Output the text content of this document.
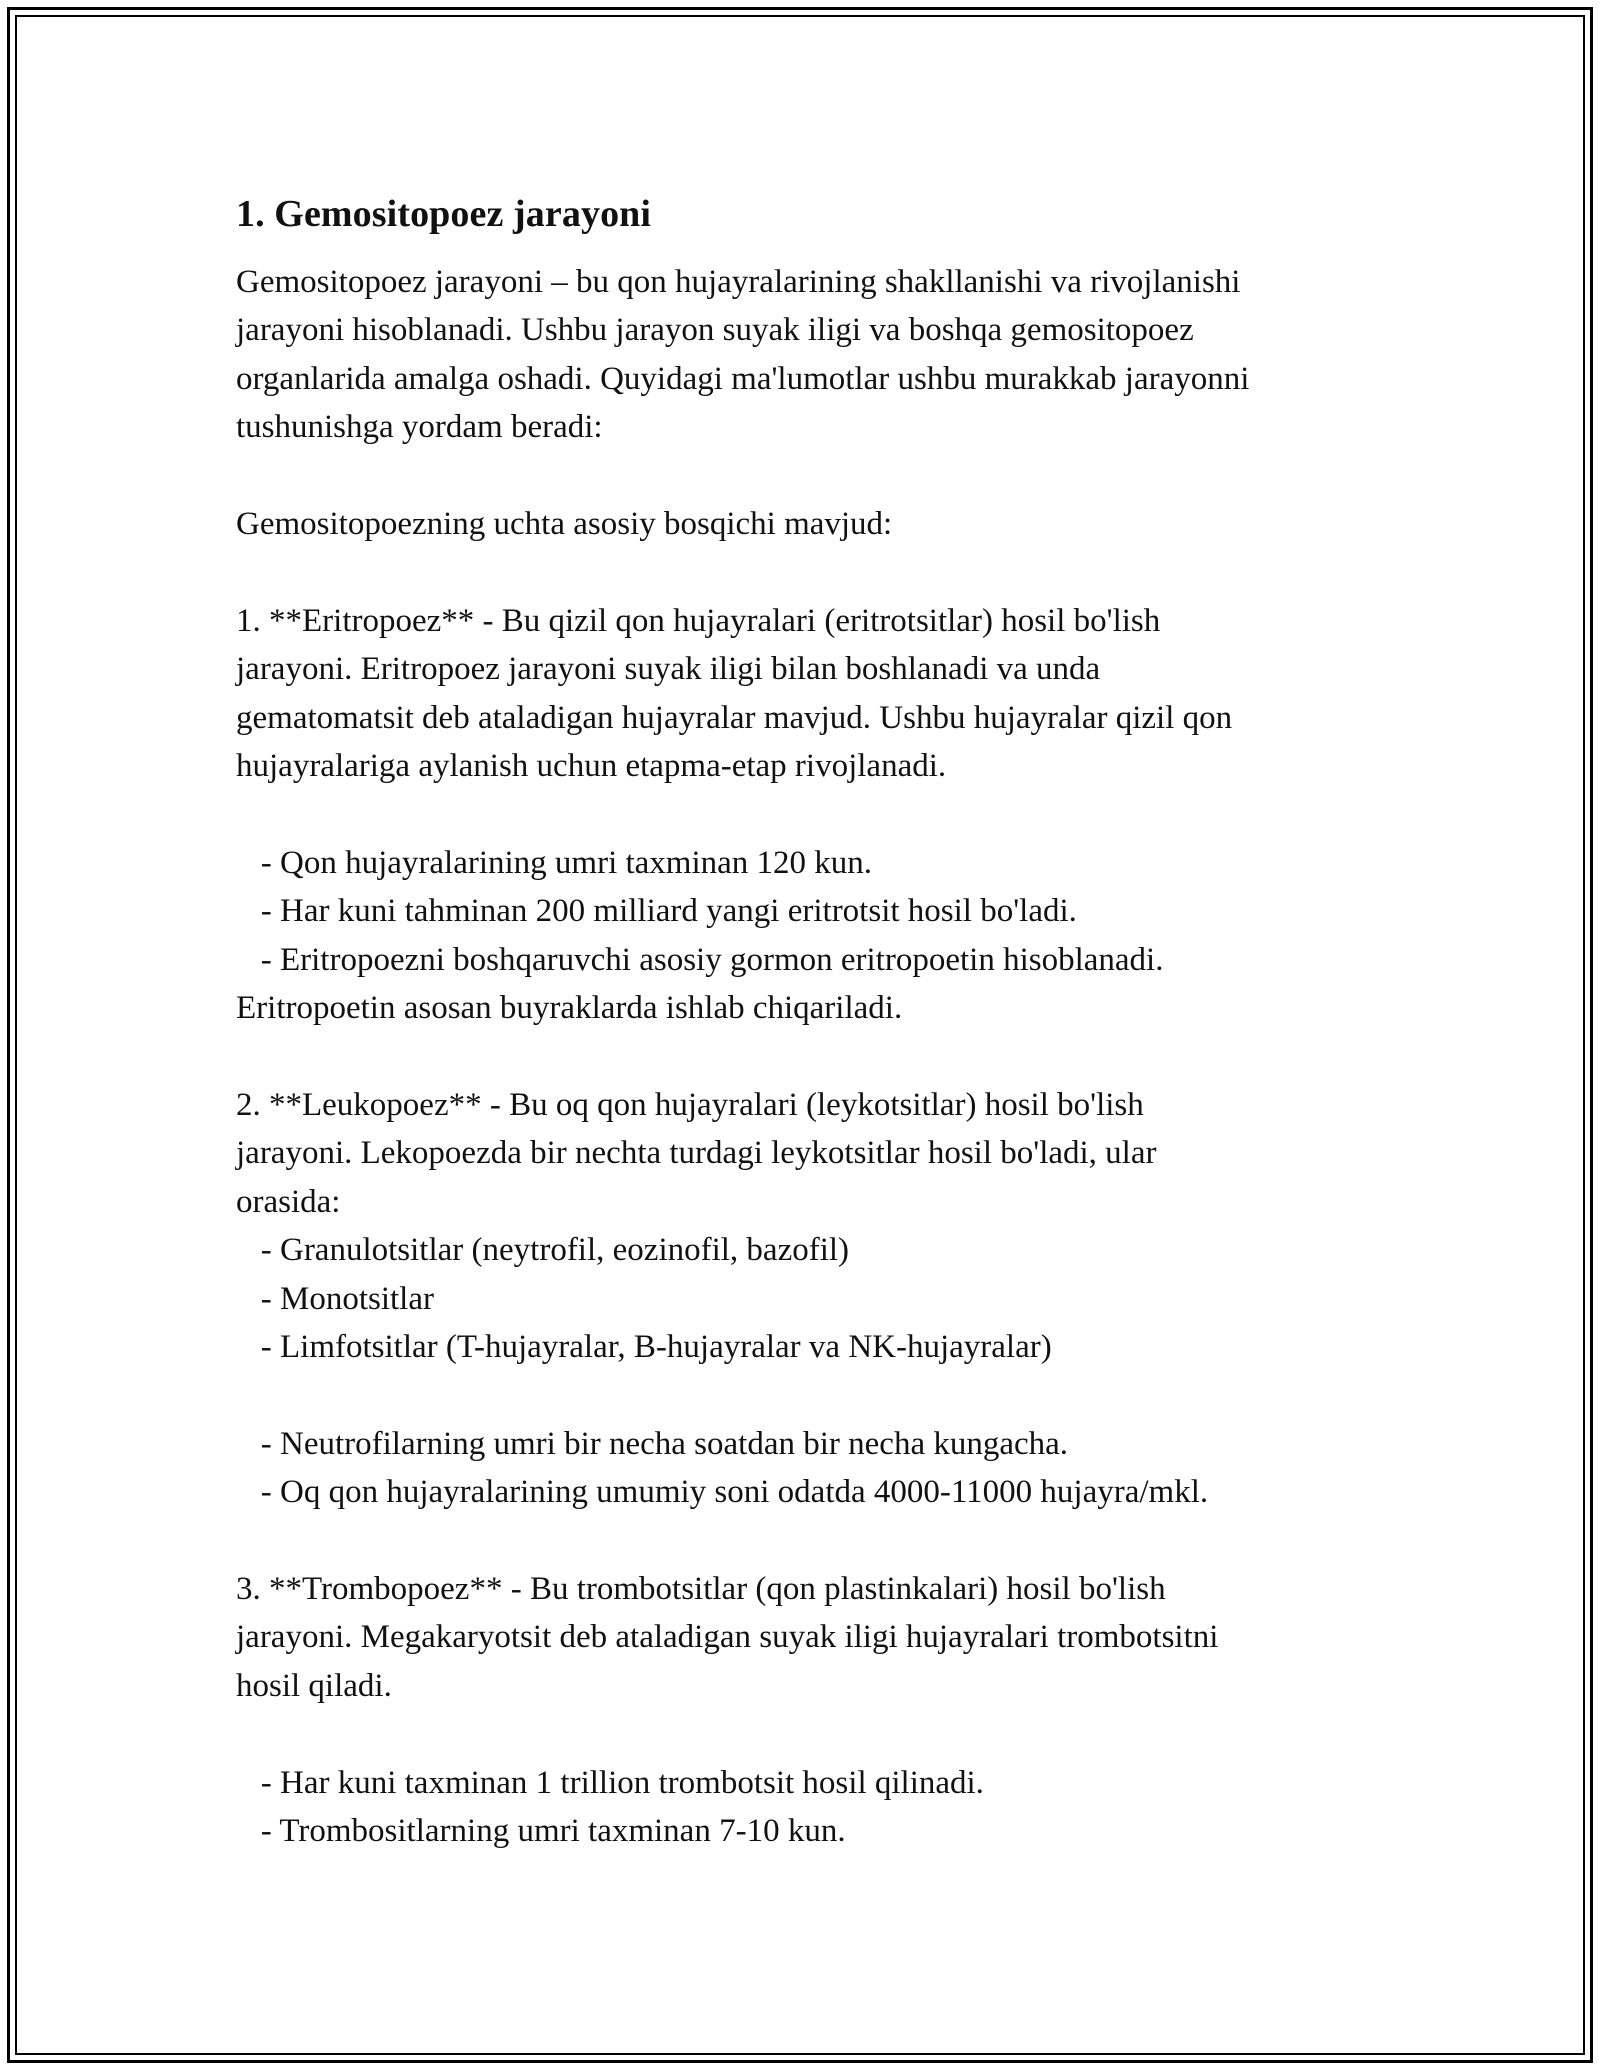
1. Gemositopoez jarayoni
Gemositopoez jarayoni – bu qon hujayralarining shakllanishi va rivojlanishi
jarayoni hisoblanadi. Ushbu jarayon suyak iligi va boshqa gemositopoez
organlarida amalga oshadi. Quyidagi ma'lumotlar ushbu murakkab jarayonni
tushunishga yordam beradi:

Gemositopoezning uchta asosiy bosqichi mavjud:

1. **Eritropoez** - Bu qizil qon hujayralari (eritrotsitlar) hosil bo'lish
jarayoni. Eritropoez jarayoni suyak iligi bilan boshlanadi va unda
gematomatsit deb ataladigan hujayralar mavjud. Ushbu hujayralar qizil qon
hujayralariga aylanish uchun etapma-etap rivojlanadi.

- Qon hujayralarining umri taxminan 120 kun.
- Har kuni tahminan 200 milliard yangi eritrotsit hosil bo'ladi.
- Eritropoezni boshqaruvchi asosiy gormon eritropoetin hisoblanadi.
Eritropoetin asosan buyraklarda ishlab chiqariladi.

2. **Leukopoez** - Bu oq qon hujayralari (leykotsitlar) hosil bo'lish
jarayoni. Lekopoezda bir nechta turdagi leykotsitlar hosil bo'ladi, ular
orasida:
- Granulotsitlar (neytrofil, eozinofil, bazofil)
- Monotsitlar
- Limfotsitlar (T-hujayralar, B-hujayralar va NK-hujayralar)

- Neutrofilarning umri bir necha soatdan bir necha kungacha.
- Oq qon hujayralarining umumiy soni odatda 4000-11000 hujayra/mkl.

3. **Trombopoez** - Bu trombotsitlar (qon plastinkalari) hosil bo'lish
jarayoni. Megakaryotsit deb ataladigan suyak iligi hujayralari trombotsitni
hosil qiladi.

- Har kuni taxminan 1 trillion trombotsit hosil qilinadi.
- Trombositlarning umri taxminan 7-10 kun.
